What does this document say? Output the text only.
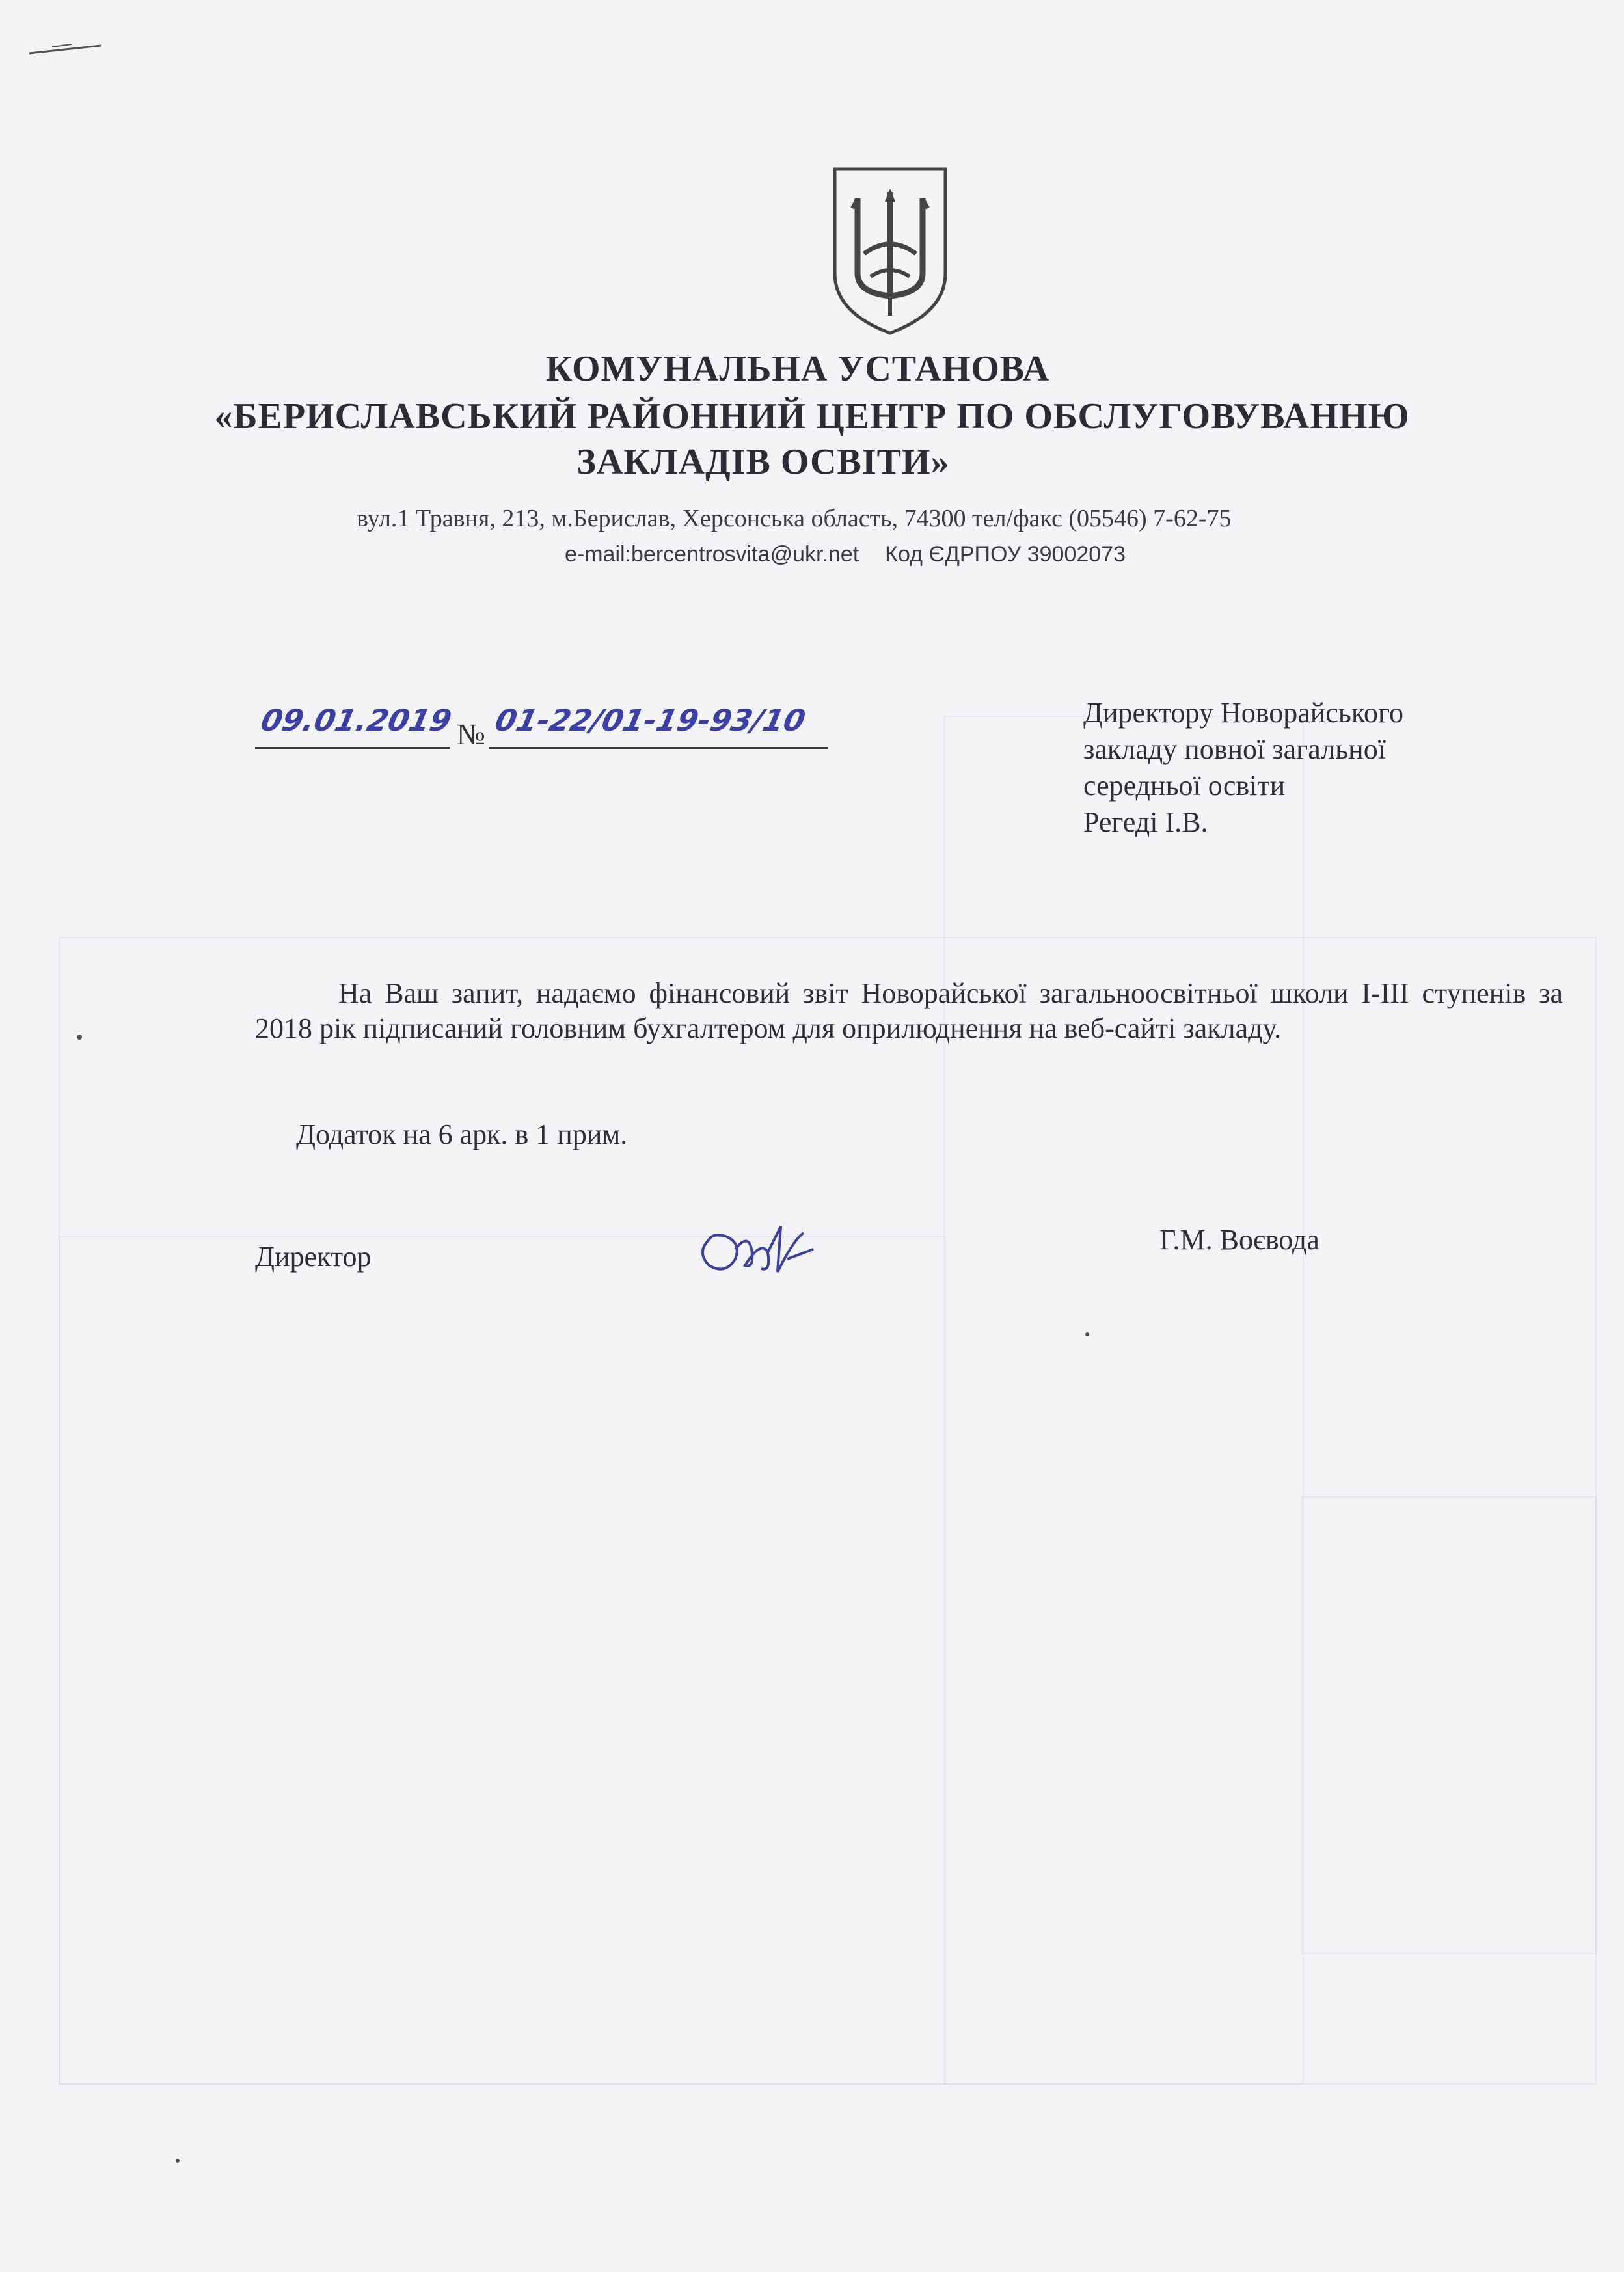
КОМУНАЛЬНА УСТАНОВА
«БЕРИСЛАВСЬКИЙ РАЙОННИЙ ЦЕНТР ПО ОБСЛУГОВУВАННЮ
ЗАКЛАДІВ ОСВІТИ»
вул.1 Травня, 213, м.Берислав, Херсонська область, 74300 тел/факс (05546) 7-62-75
e-mail:bercentrosvita@ukr.net Код ЄДРПОУ 39002073
09.01.2019 № 01-22/01-19-93/10	Директору Новорайського
закладу повної загальної
середньої освіти
Регеді І.В.
На Ваш запит, надаємо фінансовий звіт Новорайської загальноосвітньої школи І-ІІІ ступенів за 2018 рік підписаний головним бухгалтером для оприлюднення на веб-сайті закладу.
Додаток на 6 арк. в 1 прим.
Директор
Г.М. Воєвода
